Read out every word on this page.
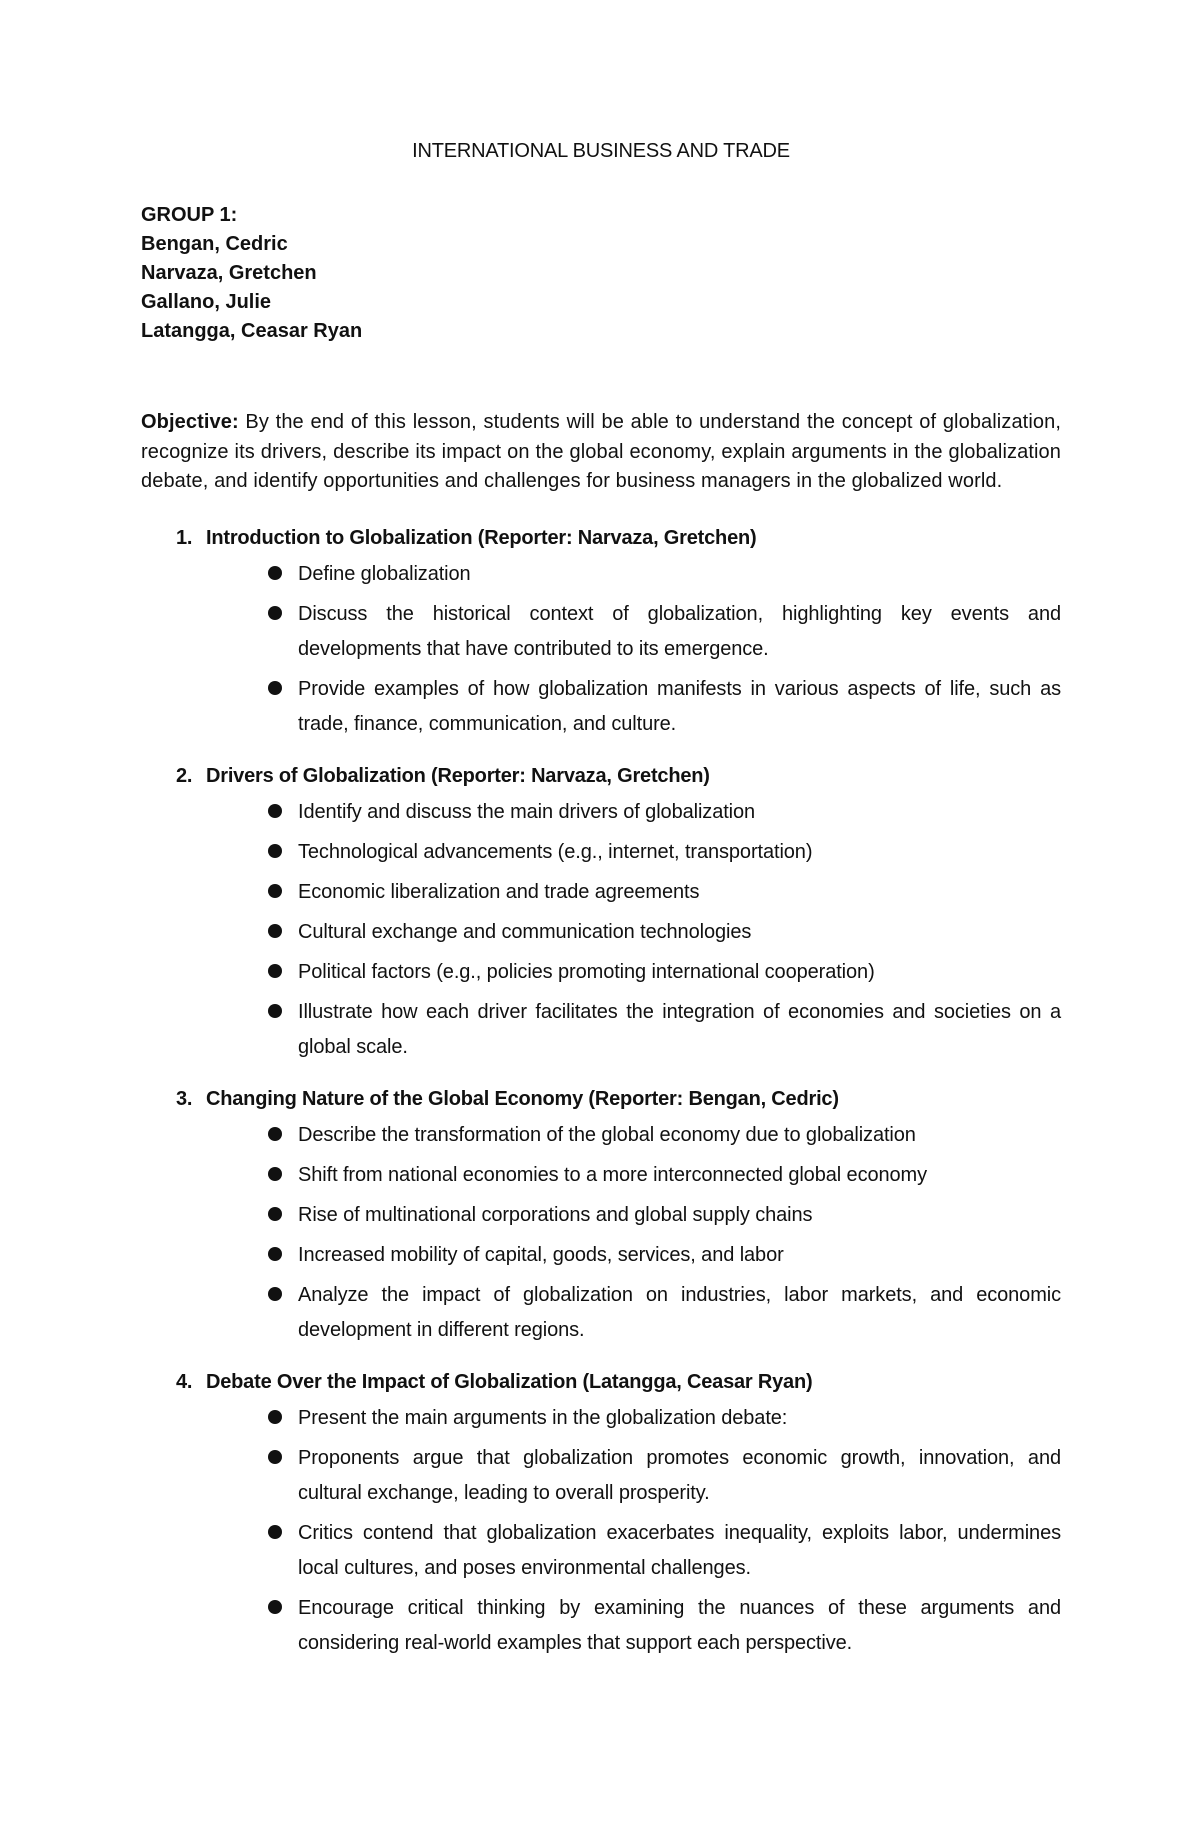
INTERNATIONAL BUSINESS AND TRADE
GROUP 1:
Bengan, Cedric
Narvaza, Gretchen
Gallano, Julie
Latangga, Ceasar Ryan

Objective: By the end of this lesson, students will be able to understand the concept of globalization, recognize its drivers, describe its impact on the global economy, explain arguments in the globalization debate, and identify opportunities and challenges for business managers in the globalized world.

1. Introduction to Globalization (Reporter: Narvaza, Gretchen)
Define globalization
Discuss the historical context of globalization, highlighting key events and developments that have contributed to its emergence.
Provide examples of how globalization manifests in various aspects of life, such as trade, finance, communication, and culture.
2. Drivers of Globalization (Reporter: Narvaza, Gretchen)
Identify and discuss the main drivers of globalization
Technological advancements (e.g., internet, transportation)
Economic liberalization and trade agreements
Cultural exchange and communication technologies
Political factors (e.g., policies promoting international cooperation)
Illustrate how each driver facilitates the integration of economies and societies on a global scale.
3. Changing Nature of the Global Economy (Reporter: Bengan, Cedric)
Describe the transformation of the global economy due to globalization
Shift from national economies to a more interconnected global economy
Rise of multinational corporations and global supply chains
Increased mobility of capital, goods, services, and labor
Analyze the impact of globalization on industries, labor markets, and economic development in different regions.
4. Debate Over the Impact of Globalization (Latangga, Ceasar Ryan)
Present the main arguments in the globalization debate:
Proponents argue that globalization promotes economic growth, innovation, and cultural exchange, leading to overall prosperity.
Critics contend that globalization exacerbates inequality, exploits labor, undermines local cultures, and poses environmental challenges.
Encourage critical thinking by examining the nuances of these arguments and considering real-world examples that support each perspective.
